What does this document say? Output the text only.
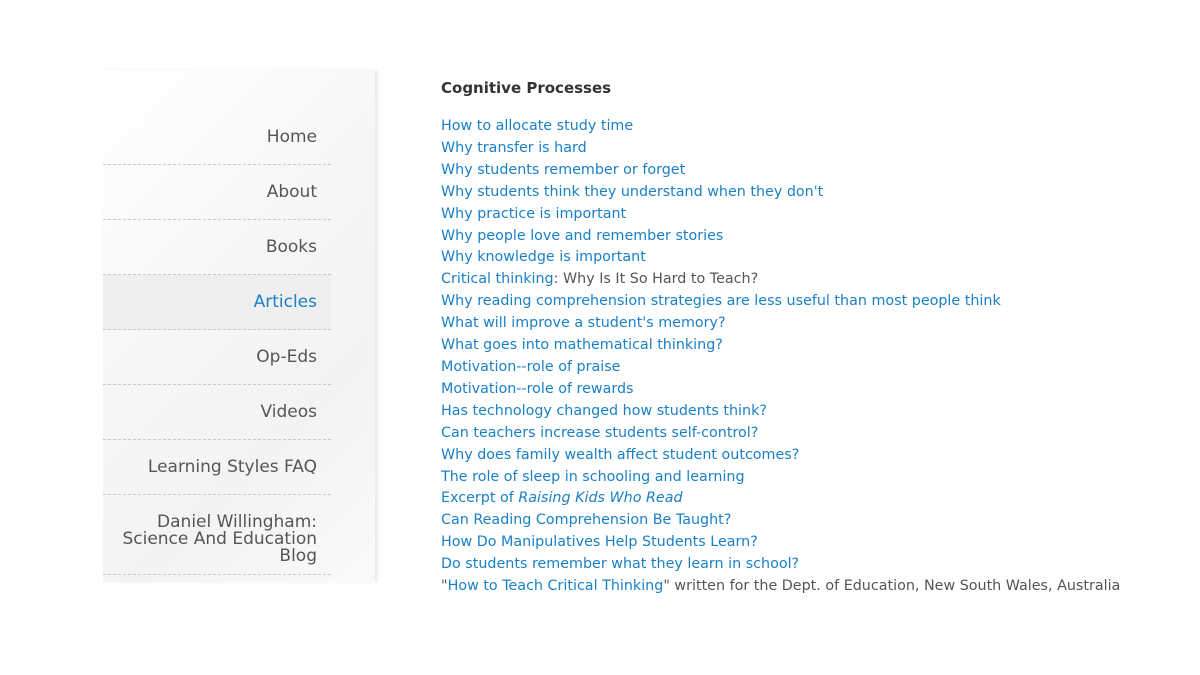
Home
About
Books
Articles
Op-Eds
Videos
Learning Styles FAQ
Daniel Willingham:
Science And Education
Blog
Cognitive Processes
How to allocate study time
Why transfer is hard
Why students remember or forget
Why students think they understand when they don't
Why practice is important
Why people love and remember stories
Why knowledge is important
Critical thinking: Why Is It So Hard to Teach?
Why reading comprehension strategies are less useful than most people think
What will improve a student's memory?
What goes into mathematical thinking?
Motivation--role of praise
Motivation--role of rewards
Has technology changed how students think?
Can teachers increase students self-control?
Why does family wealth affect student outcomes?
The role of sleep in schooling and learning
Excerpt of Raising Kids Who Read
Can Reading Comprehension Be Taught?
How Do Manipulatives Help Students Learn?
Do students remember what they learn in school?
"How to Teach Critical Thinking" written for the Dept. of Education, New South Wales, Australia
